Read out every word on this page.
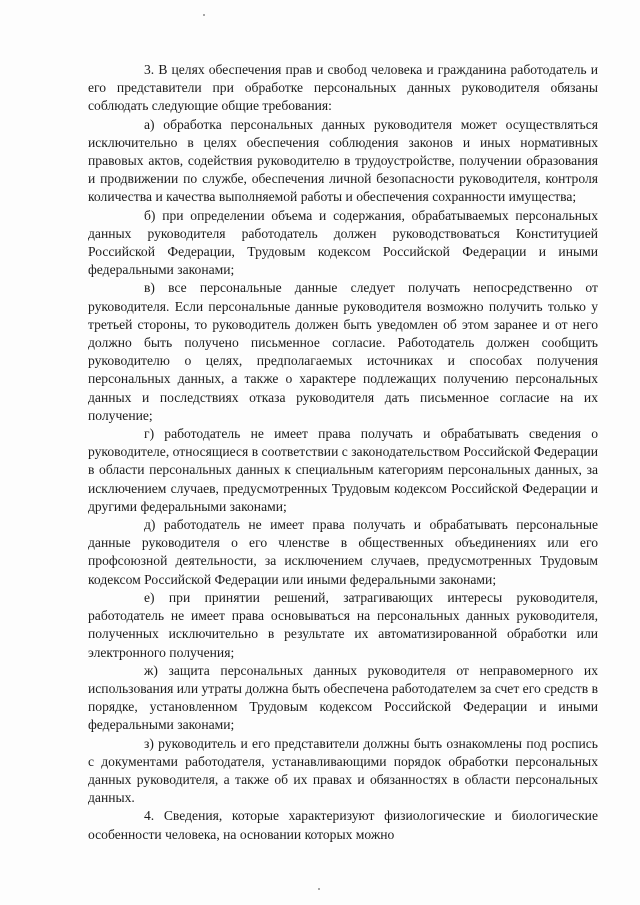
3. В целях обеспечения прав и свобод человека и гражданина работодатель и его представители при обработке персональных данных руководителя обязаны соблюдать следующие общие требования:

а) обработка персональных данных руководителя может осуществляться исключительно в целях обеспечения соблюдения законов и иных нормативных правовых актов, содействия руководителю в трудоустройстве, получении образования и продвижении по службе, обеспечения личной безопасности руководителя, контроля количества и качества выполняемой работы и обеспечения сохранности имущества;

б) при определении объема и содержания, обрабатываемых персональных данных руководителя работодатель должен руководствоваться Конституцией Российской Федерации, Трудовым кодексом Российской Федерации и иными федеральными законами;

в) все персональные данные следует получать непосредственно от руководителя. Если персональные данные руководителя возможно получить только у третьей стороны, то руководитель должен быть уведомлен об этом заранее и от него должно быть получено письменное согласие. Работодатель должен сообщить руководителю о целях, предполагаемых источниках и способах получения персональных данных, а также о характере подлежащих получению персональных данных и последствиях отказа руководителя дать письменное согласие на их получение;

г) работодатель не имеет права получать и обрабатывать сведения о руководителе, относящиеся в соответствии с законодательством Российской Федерации в области персональных данных к специальным категориям персональных данных, за исключением случаев, предусмотренных Трудовым кодексом Российской Федерации и другими федеральными законами;

д) работодатель не имеет права получать и обрабатывать персональные данные руководителя о его членстве в общественных объединениях или его профсоюзной деятельности, за исключением случаев, предусмотренных Трудовым кодексом Российской Федерации или иными федеральными законами;

е) при принятии решений, затрагивающих интересы руководителя, работодатель не имеет права основываться на персональных данных руководителя, полученных исключительно в результате их автоматизированной обработки или электронного получения;

ж) защита персональных данных руководителя от неправомерного их использования или утраты должна быть обеспечена работодателем за счет его средств в порядке, установленном Трудовым кодексом Российской Федерации и иными федеральными законами;

з) руководитель и его представители должны быть ознакомлены под роспись с документами работодателя, устанавливающими порядок обработки персональных данных руководителя, а также об их правах и обязанностях в области персональных данных.

4. Сведения, которые характеризуют физиологические и биологические особенности человека, на основании которых можно
